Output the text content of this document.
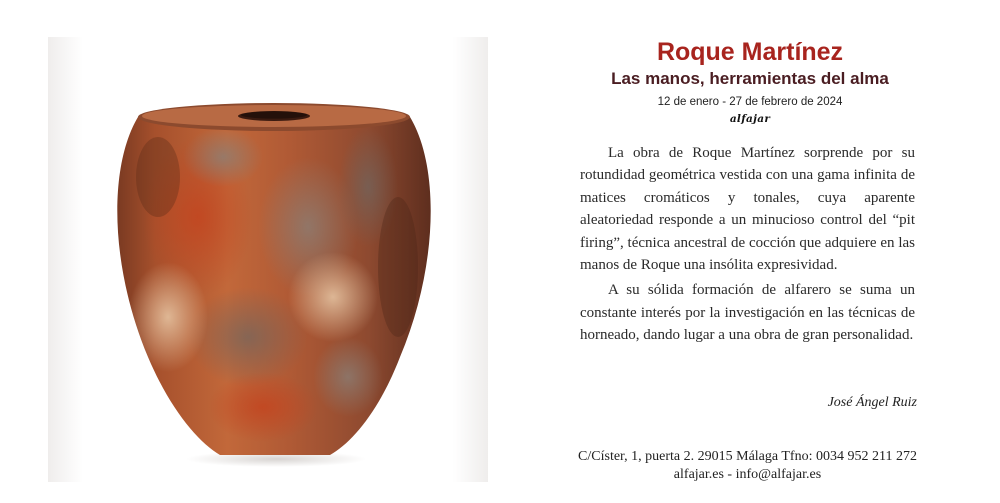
Roque Martínez
Las manos, herramientas del alma
12 de enero - 27 de febrero de 2024
alfajar

La obra de Roque Martínez sorprende por su rotundidad geométrica vestida con una gama infinita de matices cromáticos y tonales, cuya aparente aleatoriedad responde a un minucioso control del “pit firing”, técnica ancestral de cocción que adquiere en las manos de Roque una insólita expresividad.

A su sólida formación de alfarero se suma un constante interés por la investigación en las técnicas de horneado, dando lugar a una obra de gran personalidad.

José Ángel Ruiz
C/Císter, 1, puerta 2. 29015 Málaga Tfno: 0034 952 211 272
alfajar.es - info@alfajar.es
